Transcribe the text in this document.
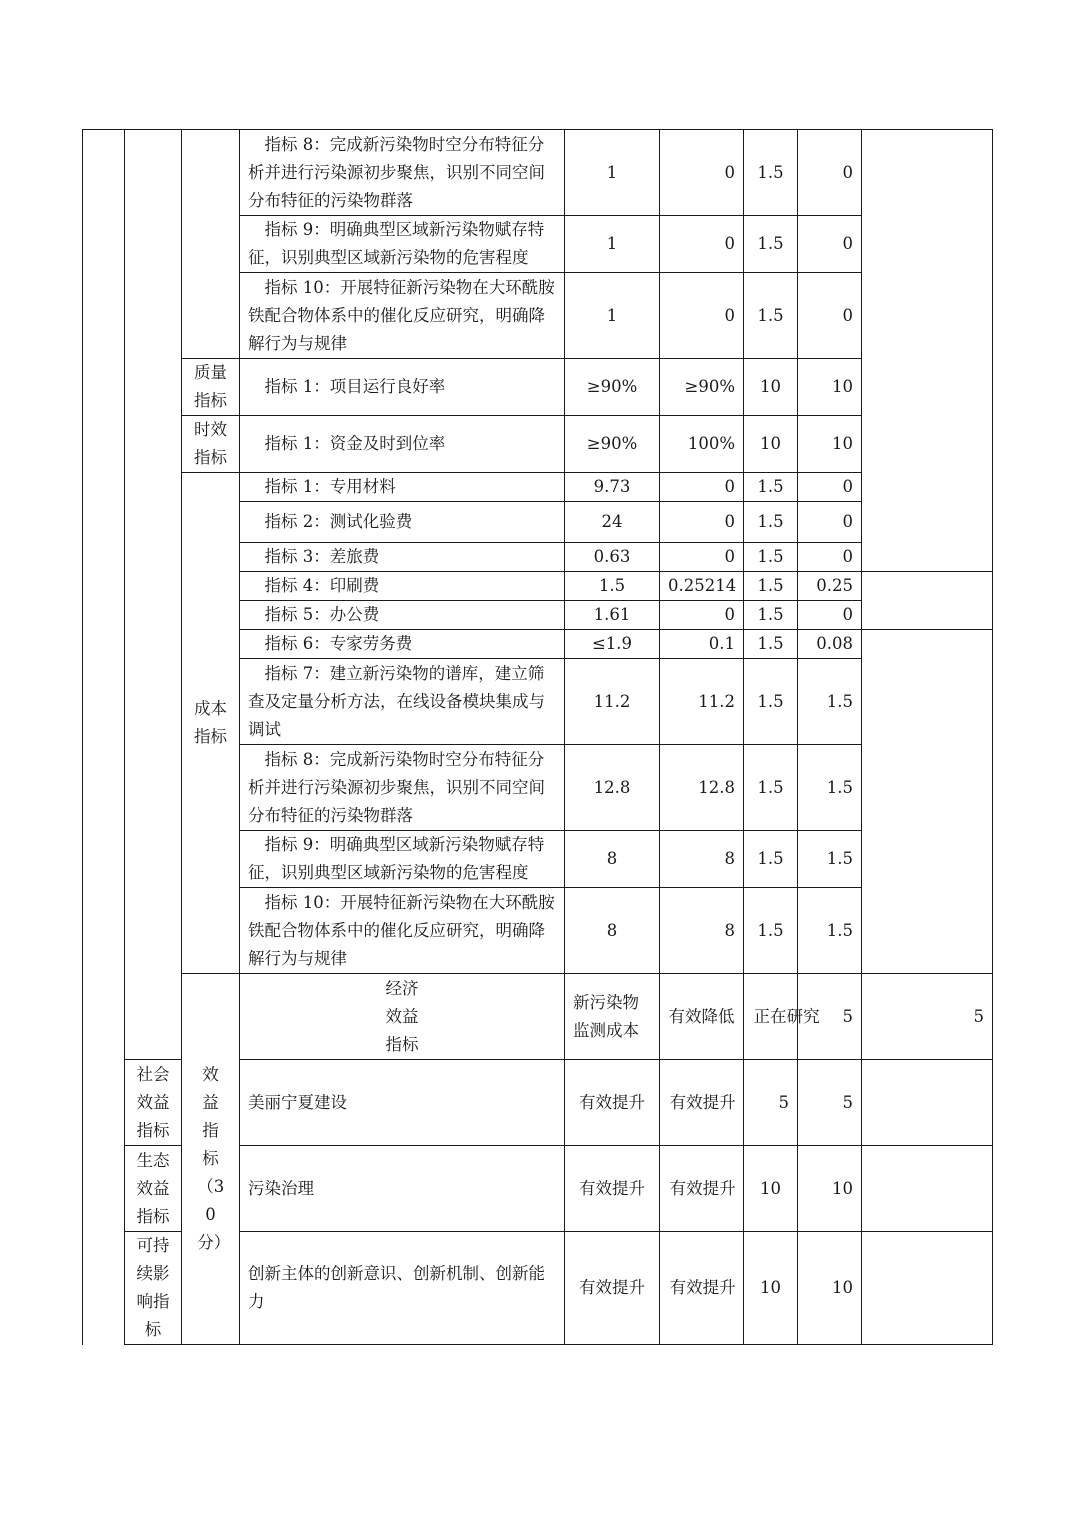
			指标 8：完成新污染物时空分布特征分析并进行污染源初步聚焦，识别不同空间分布特征的污染物群落	1	0	1.5	0		
			指标 9：明确典型区域新污染物赋存特征，识别典型区域新污染物的危害程度	1	0	1.5	0		
			指标 10：开展特征新污染物在大环酰胺铁配合物体系中的催化反应研究，明确降解行为与规律	1	0	1.5	0		
		质量指标	指标 1：项目运行良好率	≥90%	≥90%	10	10		
		时效指标	指标 1：资金及时到位率	≥90%	100%	10	10		
		成本指标	指标 1：专用材料	9.73	0	1.5	0		
			指标 2：测试化验费	24	0	1.5	0		
			指标 3：差旅费	0.63	0	1.5	0		
			指标 4：印刷费	1.5	0.25214	1.5	0.25		
			指标 5：办公费	1.61	0	1.5	0		
			指标 6：专家劳务费	≤1.9	0.1	1.5	0.08		
			指标 7：建立新污染物的谱库，建立筛查及定量分析方法，在线设备模块集成与调试	11.2	11.2	1.5	1.5		
			指标 8：完成新污染物时空分布特征分析并进行污染源初步聚焦，识别不同空间分布特征的污染物群落	12.8	12.8	1.5	1.5		
			指标 9：明确典型区域新污染物赋存特征，识别典型区域新污染物的危害程度	8	8	1.5	1.5		
			指标 10：开展特征新污染物在大环酰胺铁配合物体系中的催化反应研究，明确降解行为与规律	8	8	1.5	1.5		
		效益指标（30分）	经济效益指标	新污染物监测成本	有效降低	正在研究	5	5	
	社会效益指标		美丽宁夏建设	有效提升	有效提升	5	5		
	生态效益指标		污染治理	有效提升	有效提升	10	10		
	可持续影响指标		创新主体的创新意识、创新机制、创新能力	有效提升	有效提升	10	10		
